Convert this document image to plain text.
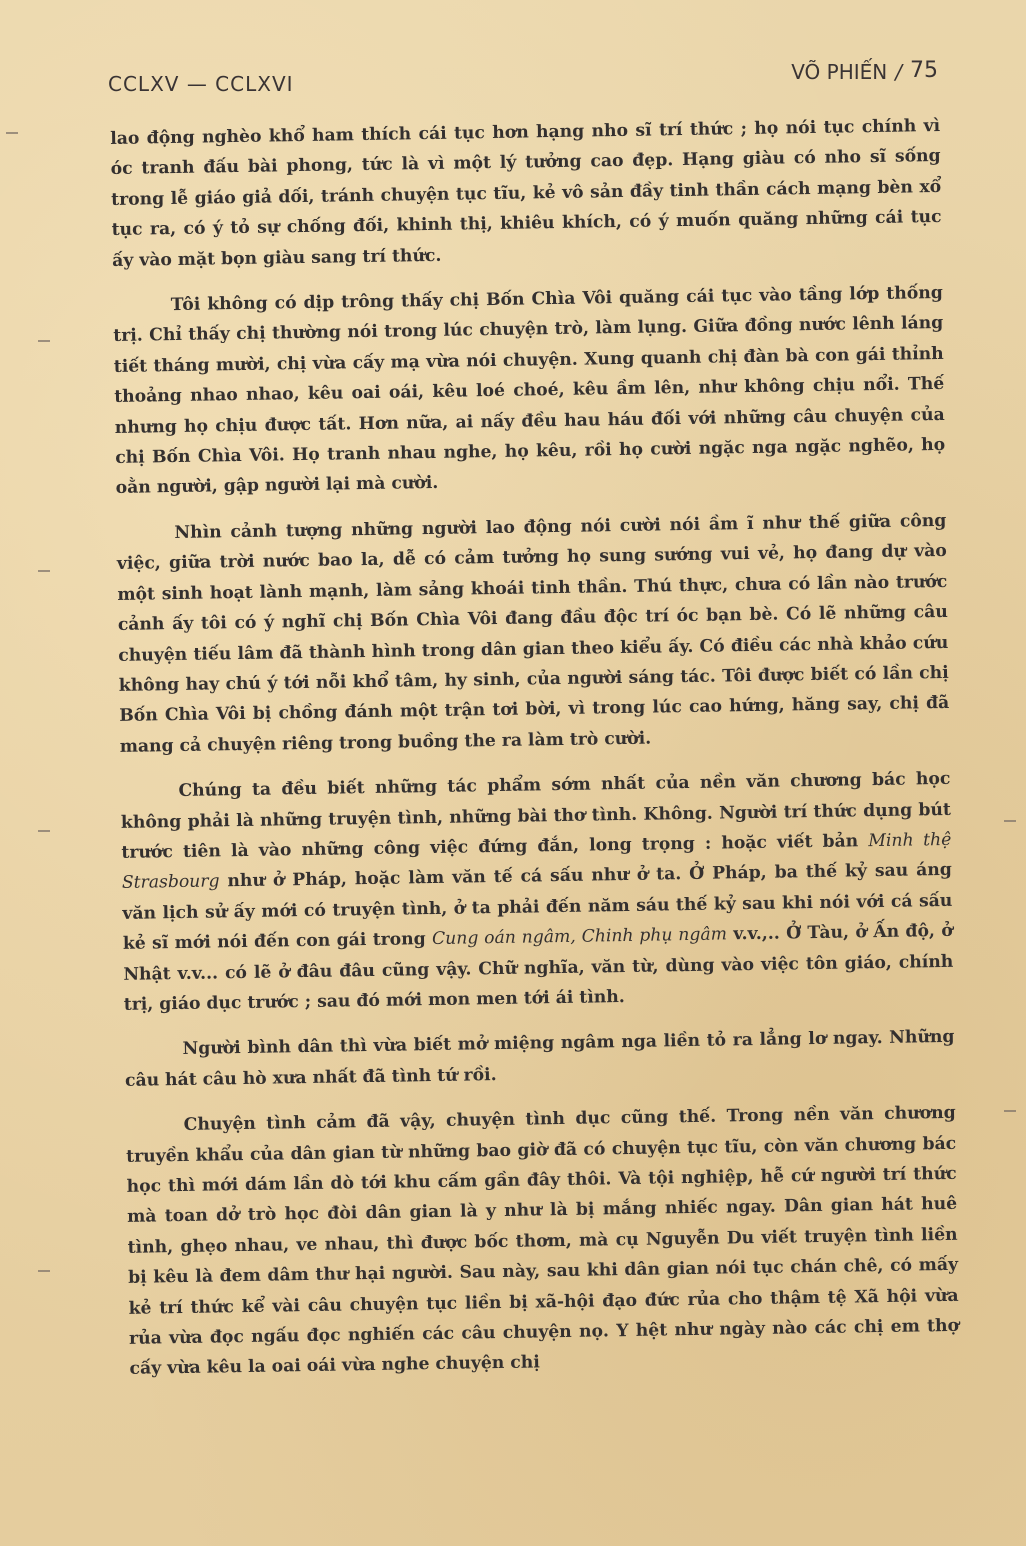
CCLXV — CCLXVI	VÕ PHIẾN / 75

lao động nghèo khổ ham thích cái tục hơn hạng nho sĩ trí thức ; họ nói tục chính vì óc tranh đấu bài phong, tức là vì một lý tưởng cao đẹp. Hạng giàu có nho sĩ sống trong lễ giáo giả dối, tránh chuyện tục tĩu, kẻ vô sản đầy tinh thần cách mạng bèn xổ tục ra, có ý tỏ sự chống đối, khinh thị, khiêu khích, có ý muốn quăng những cái tục ấy vào mặt bọn giàu sang trí thức.

Tôi không có dịp trông thấy chị Bốn Chìa Vôi quăng cái tục vào tầng lớp thống trị. Chỉ thấy chị thường nói trong lúc chuyện trò, làm lụng. Giữa đồng nước lênh láng tiết tháng mười, chị vừa cấy mạ vừa nói chuyện. Xung quanh chị đàn bà con gái thỉnh thoảng nhao nhao, kêu oai oái, kêu loé choé, kêu ầm lên, như không chịu nổi. Thế nhưng họ chịu được tất. Hơn nữa, ai nấy đều hau háu đối với những câu chuyện của chị Bốn Chìa Vôi. Họ tranh nhau nghe, họ kêu, rồi họ cười ngặc nga ngặc nghẽo, họ oằn người, gập người lại mà cười.

Nhìn cảnh tượng những người lao động nói cười nói ầm ĩ như thế giữa công việc, giữa trời nước bao la, dễ có cảm tưởng họ sung sướng vui vẻ, họ đang dự vào một sinh hoạt lành mạnh, làm sảng khoái tinh thần. Thú thực, chưa có lần nào trước cảnh ấy tôi có ý nghĩ chị Bốn Chìa Vôi đang đầu độc trí óc bạn bè. Có lẽ những câu chuyện tiếu lâm đã thành hình trong dân gian theo kiểu ấy. Có điều các nhà khảo cứu không hay chú ý tới nỗi khổ tâm, hy sinh, của người sáng tác. Tôi được biết có lần chị Bốn Chìa Vôi bị chồng đánh một trận tơi bời, vì trong lúc cao hứng, hăng say, chị đã mang cả chuyện riêng trong buồng the ra làm trò cười.

Chúng ta đều biết những tác phẩm sớm nhất của nền văn chương bác học không phải là những truyện tình, những bài thơ tình. Không. Người trí thức dụng bút trước tiên là vào những công việc đứng đắn, long trọng : hoặc viết bản Minh thệ Strasbourg như ở Pháp, hoặc làm văn tế cá sấu như ở ta. Ở Pháp, ba thế kỷ sau áng văn lịch sử ấy mới có truyện tình, ở ta phải đến năm sáu thế kỷ sau khi nói với cá sấu kẻ sĩ mới nói đến con gái trong Cung oán ngâm, Chinh phụ ngâm v.v.,.. Ở Tàu, ở Ấn độ, ở Nhật v.v... có lẽ ở đâu đâu cũng vậy. Chữ nghĩa, văn từ, dùng vào việc tôn giáo, chính trị, giáo dục trước ; sau đó mới mon men tới ái tình.

Người bình dân thì vừa biết mở miệng ngâm nga liền tỏ ra lẳng lơ ngay. Những câu hát câu hò xưa nhất đã tình tứ rồi.

Chuyện tình cảm đã vậy, chuyện tình dục cũng thế. Trong nền văn chương truyền khẩu của dân gian từ những bao giờ đã có chuyện tục tĩu, còn văn chương bác học thì mới dám lần dò tới khu cấm gần đây thôi. Và tội nghiệp, hễ cứ người trí thức mà toan dở trò học đòi dân gian là y như là bị mắng nhiếc ngay. Dân gian hát huê tình, ghẹo nhau, ve nhau, thì được bốc thơm, mà cụ Nguyễn Du viết truyện tình liền bị kêu là đem dâm thư hại người. Sau này, sau khi dân gian nói tục chán chê, có mấy kẻ trí thức kể vài câu chuyện tục liền bị xã-hội đạo đức rủa cho thậm tệ Xã hội vừa rủa vừa đọc ngấu đọc nghiến các câu chuyện nọ. Y hệt như ngày nào các chị em thợ cấy vừa kêu la oai oái vừa nghe chuyện chị
